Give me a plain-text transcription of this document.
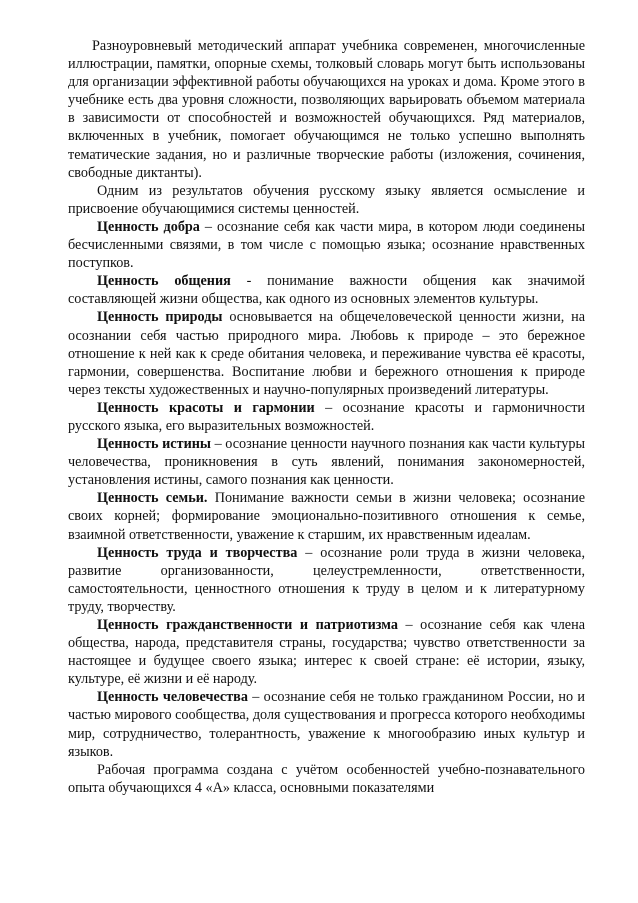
Разноуровневый методический аппарат учебника современен, многочисленные иллюстрации, памятки, опорные схемы, толковый словарь могут быть использованы для организации эффективной работы обучающихся на уроках и дома. Кроме этого в учебнике есть два уровня сложности, позволяющих варьировать объемом материала в зависимости от способностей и возможностей обучающихся. Ряд материалов, включенных в учебник, помогает обучающимся не только успешно выполнять тематические задания, но и различные творческие работы (изложения, сочинения, свободные диктанты).

Одним из результатов обучения русскому языку является осмысление и присвоение обучающимися системы ценностей.

Ценность добра – осознание себя как части мира, в котором люди соединены бесчисленными связями, в том числе с помощью языка; осознание нравственных поступков.

Ценность общения - понимание важности общения как значимой составляющей жизни общества, как одного из основных элементов культуры.

Ценность природы основывается на общечеловеческой ценности жизни, на осознании себя частью природного мира. Любовь к природе – это бережное отношение к ней как к среде обитания человека, и переживание чувства её красоты, гармонии, совершенства. Воспитание любви и бережного отношения к природе через тексты художественных и научно-популярных произведений литературы.

Ценность красоты и гармонии – осознание красоты и гармоничности русского языка, его выразительных возможностей.

Ценность истины – осознание ценности научного познания как части культуры человечества, проникновения в суть явлений, понимания закономерностей, установления истины, самого познания как ценности.

Ценность семьи. Понимание важности семьи в жизни человека; осознание своих корней; формирование эмоционально-позитивного отношения к семье, взаимной ответственности, уважение к старшим, их нравственным идеалам.

Ценность труда и творчества – осознание роли труда в жизни человека, развитие организованности, целеустремленности, ответственности, самостоятельности, ценностного отношения к труду в целом и к литературному труду, творчеству.

Ценность гражданственности и патриотизма – осознание себя как члена общества, народа, представителя страны, государства; чувство ответственности за настоящее и будущее своего языка; интерес к своей стране: её истории, языку, культуре, её жизни и её народу.

Ценность человечества – осознание себя не только гражданином России, но и частью мирового сообщества, доля существования и прогресса которого необходимы мир, сотрудничество, толерантность, уважение к многообразию иных культур и языков.

Рабочая программа создана с учётом особенностей учебно-познавательного опыта обучающихся 4 «А» класса, основными показателями
